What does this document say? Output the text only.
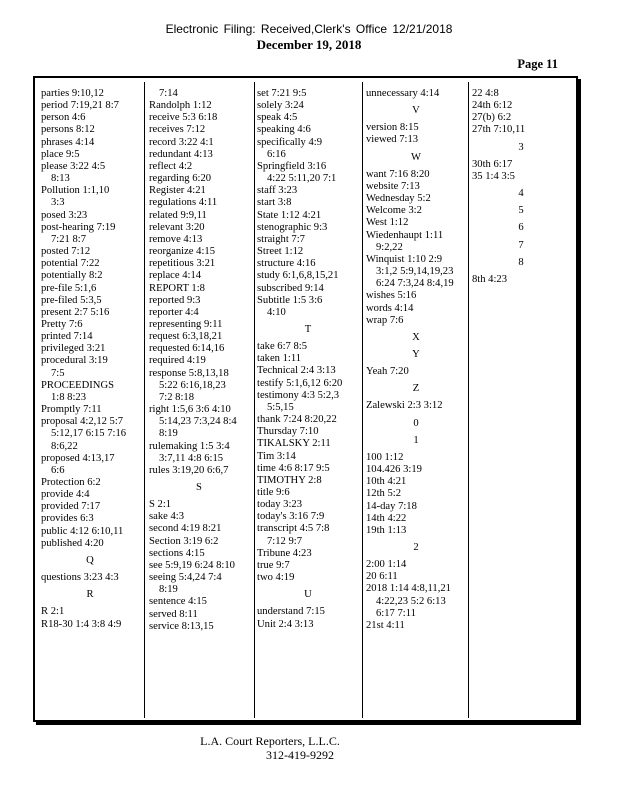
Electronic Filing: Received,Clerk's Office 12/21/2018
December 19, 2018
Page 11
parties 9:10,12
period 7:19,21 8:7
person 4:6
persons 8:12
phrases 4:14
place 9:5
please 3:22 4:5
8:13
Pollution 1:1,10
3:3
posed 3:23
post-hearing 7:19
7:21 8:7
posted 7:12
potential 7:22
potentially 8:2
pre-file 5:1,6
pre-filed 5:3,5
present 2:7 5:16
Pretty 7:6
printed 7:14
privileged 3:21
procedural 3:19
7:5
PROCEEDINGS
1:8 8:23
Promptly 7:11
proposal 4:2,12 5:7
5:12,17 6:15 7:16
8:6,22
proposed 4:13,17
6:6
Protection 6:2
provide 4:4
provided 7:17
provides 6:3
public 4:12 6:10,11
published 4:20
Q
questions 3:23 4:3
R
R 2:1
R18-30 1:4 3:8 4:9
7:14
Randolph 1:12
receive 5:3 6:18
receives 7:12
record 3:22 4:1
redundant 4:13
reflect 4:2
regarding 6:20
Register 4:21
regulations 4:11
related 9:9,11
relevant 3:20
remove 4:13
reorganize 4:15
repetitious 3:21
replace 4:14
REPORT 1:8
reported 9:3
reporter 4:4
representing 9:11
request 6:3,18,21
requested 6:14,16
required 4:19
response 5:8,13,18
5:22 6:16,18,23
7:2 8:18
right 1:5,6 3:6 4:10
5:14,23 7:3,24 8:4
8:19
rulemaking 1:5 3:4
3:7,11 4:8 6:15
rules 3:19,20 6:6,7
S
S 2:1
sake 4:3
second 4:19 8:21
Section 3:19 6:2
sections 4:15
see 5:9,19 6:24 8:10
seeing 5:4,24 7:4
8:19
sentence 4:15
served 8:11
service 8:13,15
set 7:21 9:5
solely 3:24
speak 4:5
speaking 4:6
specifically 4:9
6:16
Springfield 3:16
4:22 5:11,20 7:1
staff 3:23
start 3:8
State 1:12 4:21
stenographic 9:3
straight 7:7
Street 1:12
structure 4:16
study 6:1,6,8,15,21
subscribed 9:14
Subtitle 1:5 3:6
4:10
T
take 6:7 8:5
taken 1:11
Technical 2:4 3:13
testify 5:1,6,12 6:20
testimony 4:3 5:2,3
5:5,15
thank 7:24 8:20,22
Thursday 7:10
TIKALSKY 2:11
Tim 3:14
time 4:6 8:17 9:5
TIMOTHY 2:8
title 9:6
today 3:23
today's 3:16 7:9
transcript 4:5 7:8
7:12 9:7
Tribune 4:23
true 9:7
two 4:19
U
understand 7:15
Unit 2:4 3:13
unnecessary 4:14
V
version 8:15
viewed 7:13
W
want 7:16 8:20
website 7:13
Wednesday 5:2
Welcome 3:2
West 1:12
Wiedenhaupt 1:11
9:2,22
Winquist 1:10 2:9
3:1,2 5:9,14,19,23
6:24 7:3,24 8:4,19
wishes 5:16
words 4:14
wrap 7:6
X
Y
Yeah 7:20
Z
Zalewski 2:3 3:12
0
1
100 1:12
104.426 3:19
10th 4:21
12th 5:2
14-day 7:18
14th 4:22
19th 1:13
2
2:00 1:14
20 6:11
2018 1:14 4:8,11,21
4:22,23 5:2 6:13
6:17 7:11
21st 4:11
22 4:8
24th 6:12
27(b) 6:2
27th 7:10,11
3
30th 6:17
35 1:4 3:5
4
5
6
7
8
8th 4:23
L.A. Court Reporters, L.L.C.
312-419-9292
